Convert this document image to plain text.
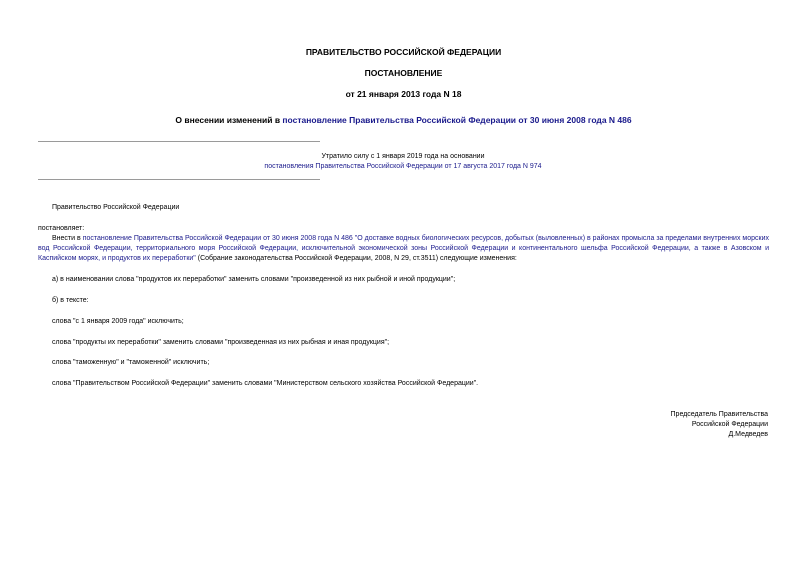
ПРАВИТЕЛЬСТВО РОССИЙСКОЙ ФЕДЕРАЦИИ
ПОСТАНОВЛЕНИЕ
от 21 января 2013 года N 18
О внесении изменений в постановление Правительства Российской Федерации от 30 июня 2008 года N 486
Утратило силу с 1 января 2019 года на основании
постановления Правительства Российской Федерации от 17 августа 2017 года N 974
Правительство Российской Федерации
постановляет:
Внести в постановление Правительства Российской Федерации от 30 июня 2008 года N 486 "О доставке водных биологических ресурсов, добытых (выловленных) в районах промысла за пределами внутренних морских вод Российской Федерации, территориального моря Российской Федерации, исключительной экономической зоны Российской Федерации и континентального шельфа Российской Федерации, а также в Азовском и Каспийском морях, и продуктов их переработки" (Собрание законодательства Российской Федерации, 2008, N 29, ст.3511) следующие изменения:
а) в наименовании слова "продуктов их переработки" заменить словами "произведенной из них рыбной и иной продукции";
б) в тексте:
слова "с 1 января 2009 года" исключить;
слова "продукты их переработки" заменить словами "произведенная из них рыбная и иная продукция";
слова "таможенную" и "таможенной" исключить;
слова "Правительством Российской Федерации" заменить словами "Министерством сельского хозяйства Российской Федерации".
Председатель Правительства
Российской Федерации
Д.Медведев
